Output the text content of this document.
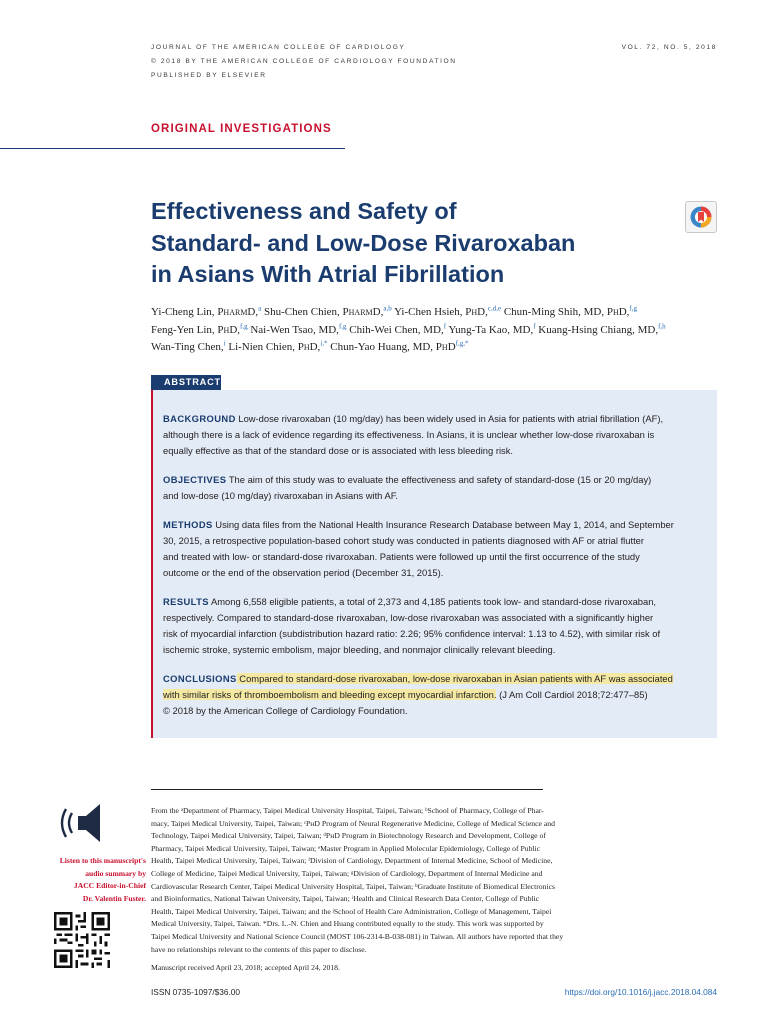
JOURNAL OF THE AMERICAN COLLEGE OF CARDIOLOGY
© 2018 BY THE AMERICAN COLLEGE OF CARDIOLOGY FOUNDATION
PUBLISHED BY ELSEVIER
VOL. 72, NO. 5, 2018
ORIGINAL INVESTIGATIONS
Effectiveness and Safety of
Standard- and Low-Dose Rivaroxaban
in Asians With Atrial Fibrillation
Yi-Cheng Lin, PharmD,$^a$ Shu-Chen Chien, PharmD,$^{a,b}$ Yi-Chen Hsieh, PhD,$^{c,d,e}$ Chun-Ming Shih, MD, PhD,$^{f,g}$
Feng-Yen Lin, PhD,$^{f,g}$ Nai-Wen Tsao, MD,$^{f,g}$ Chih-Wei Chen, MD,$^f$ Yung-Ta Kao, MD,$^f$ Kuang-Hsing Chiang, MD,$^{f,h}$
Wan-Ting Chen,$^i$ Li-Nien Chien, PhD,$^{i,*}$ Chun-Yao Huang, MD, PhD$^{f,g,*}$
ABSTRACT
BACKGROUND Low-dose rivaroxaban (10 mg/day) has been widely used in Asia for patients with atrial fibrillation (AF),
although there is a lack of evidence regarding its effectiveness. In Asians, it is unclear whether low-dose rivaroxaban is
equally effective as that of the standard dose or is associated with less bleeding risk.
OBJECTIVES The aim of this study was to evaluate the effectiveness and safety of standard-dose (15 or 20 mg/day)
and low-dose (10 mg/day) rivaroxaban in Asians with AF.
METHODS Using data files from the National Health Insurance Research Database between May 1, 2014, and September
30, 2015, a retrospective population-based cohort study was conducted in patients diagnosed with AF or atrial flutter
and treated with low- or standard-dose rivaroxaban. Patients were followed up until the first occurrence of the study
outcome or the end of the observation period (December 31, 2015).
RESULTS Among 6,558 eligible patients, a total of 2,373 and 4,185 patients took low- and standard-dose rivaroxaban,
respectively. Compared to standard-dose rivaroxaban, low-dose rivaroxaban was associated with a significantly higher
risk of myocardial infarction (subdistribution hazard ratio: 2.26; 95% confidence interval: 1.13 to 4.52), with similar risk of
ischemic stroke, systemic embolism, major bleeding, and nonmajor clinically relevant bleeding.
CONCLUSIONS Compared to standard-dose rivaroxaban, low-dose rivaroxaban in Asian patients with AF was associated
with similar risks of thromboembolism and bleeding except myocardial infarction. (J Am Coll Cardiol 2018;72:477–85)
© 2018 by the American College of Cardiology Foundation.
From the ᵃDepartment of Pharmacy, Taipei Medical University Hospital, Taipei, Taiwan; ᵇSchool of Pharmacy, College of Phar-
macy, Taipei Medical University, Taipei, Taiwan; ᶜPʜD Program of Neural Regenerative Medicine, College of Medical Science and
Technology, Taipei Medical University, Taipei, Taiwan; ᵈPʜD Program in Biotechnology Research and Development, College of
Pharmacy, Taipei Medical University, Taipei, Taiwan; ᵉMaster Program in Applied Molecular Epidemiology, College of Public
Health, Taipei Medical University, Taipei, Taiwan; ᶠDivision of Cardiology, Department of Internal Medicine, School of Medicine,
College of Medicine, Taipei Medical University, Taipei, Taiwan; ᵍDivision of Cardiology, Department of Internal Medicine and
Cardiovascular Research Center, Taipei Medical University Hospital, Taipei, Taiwan; ʰGraduate Institute of Biomedical Electronics
and Bioinformatics, National Taiwan University, Taipei, Taiwan; ⁱHealth and Clinical Research Data Center, College of Public
Health, Taipei Medical University, Taipei, Taiwan; and the ʲSchool of Health Care Administration, College of Management, Taipei
Medical University, Taipei, Taiwan. *Drs. L.-N. Chien and Huang contributed equally to the study. This work was supported by
Taipei Medical University and National Science Council (MOST 106-2314-B-038-081) in Taiwan. All authors have reported that they
have no relationships relevant to the contents of this paper to disclose.
Manuscript received April 23, 2018; accepted April 24, 2018.
Listen to this manuscript's
audio summary by
JACC Editor-in-Chief
Dr. Valentin Fuster.
ISSN 0735-1097/$36.00	https://doi.org/10.1016/j.jacc.2018.04.084
